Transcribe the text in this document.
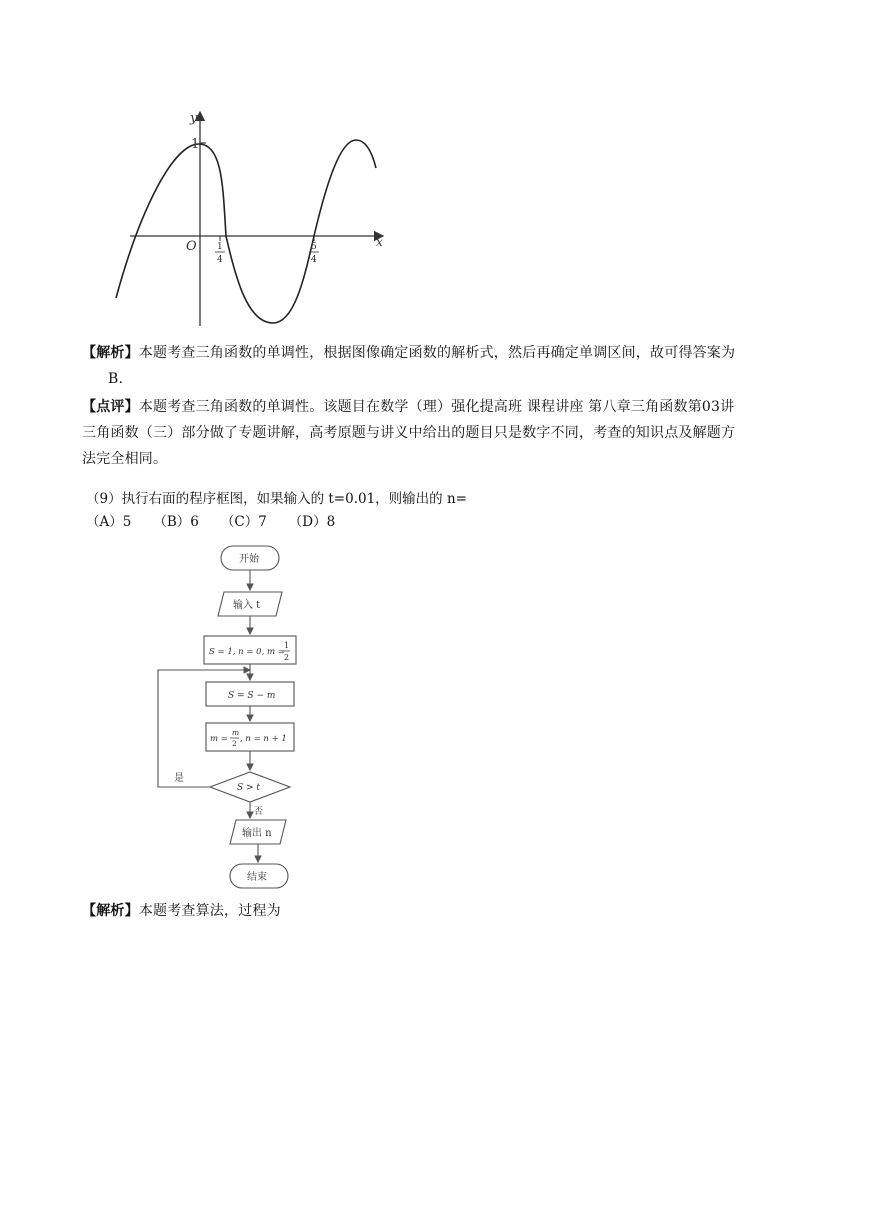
y
1
O	x
1
4
5
4
【解析】本题考查三角函数的单调性，根据图像确定函数的解析式，然后再确定单调区间，故可得答案为
B.
【点评】本题考查三角函数的单调性。该题目在数学（理）强化提高班 课程讲座 第八章三角函数第03讲
三角函数（三）部分做了专题讲解，高考原题与讲义中给出的题目只是数字不同，考查的知识点及解题方
法完全相同。
（9）执行右面的程序框图，如果输入的 t=0.01，则输出的 n=
（A）5 （B）6 （C）7 （D）8
开始
输入 t
S = 1, n = 0, m =
1
2
S = S − m
m =
m
2 , n = n + 1
S > t
是
否
输出 n
结束
【解析】本题考查算法，过程为
